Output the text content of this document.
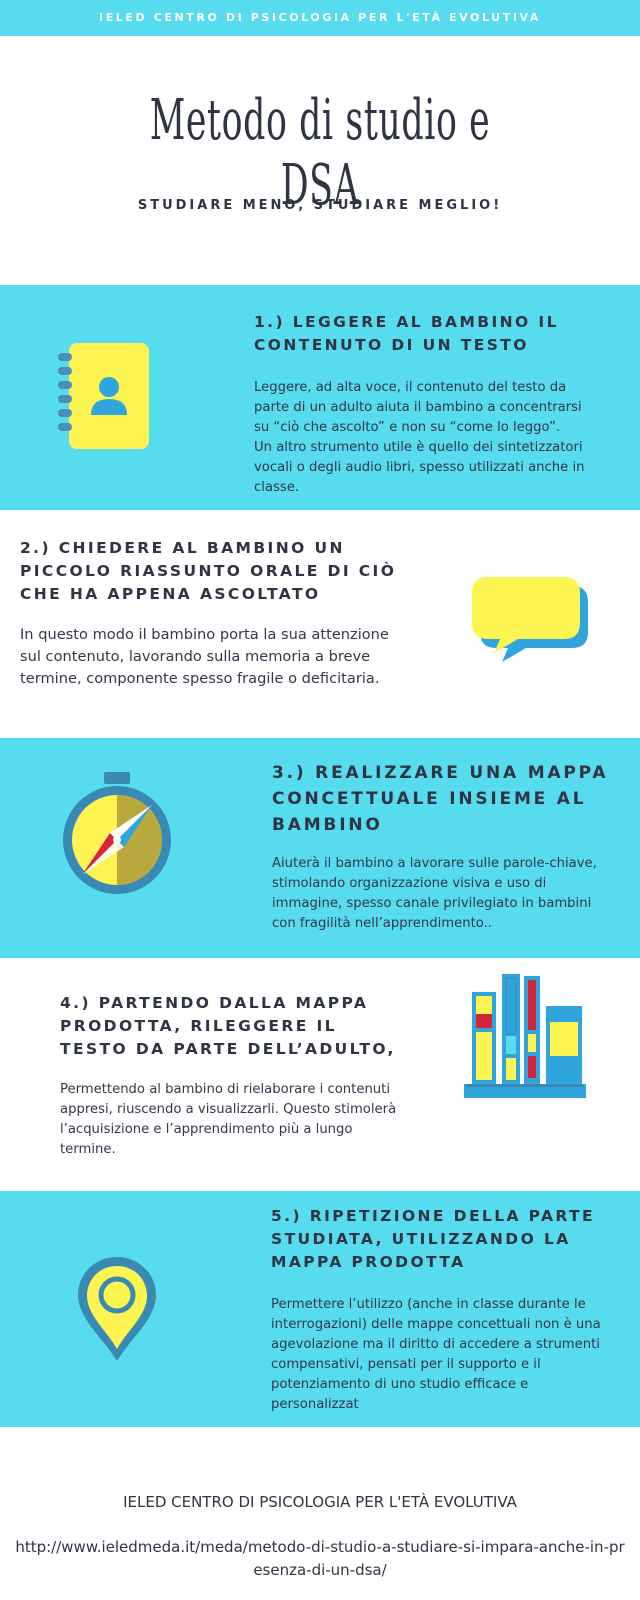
IELED CENTRO DI PSICOLOGIA PER L'ETÀ EVOLUTIVA
Metodo di studio e DSA
STUDIARE MENO, STUDIARE MEGLIO!
1.) LEGGERE AL BAMBINO IL CONTENUTO DI UN TESTO
Leggere, ad alta voce, il contenuto del testo da parte di un adulto aiuta il bambino a concentrarsi su “ciò che ascolto” e non su “come lo leggo”.
Un altro strumento utile è quello dei sintetizzatori vocali o degli audio libri, spesso utilizzati anche in classe.
2.) CHIEDERE AL BAMBINO UN PICCOLO RIASSUNTO ORALE DI CIÒ CHE HA APPENA ASCOLTATO
In questo modo il bambino porta la sua attenzione sul contenuto, lavorando sulla memoria a breve termine, componente spesso fragile o deficitaria.
3.) REALIZZARE UNA MAPPA CONCETTUALE INSIEME AL BAMBINO
Aiuterà il bambino a lavorare sulle parole-chiave, stimolando organizzazione visiva e uso di immagine, spesso canale privilegiato in bambini con fragilità nell’apprendimento..
4.) PARTENDO DALLA MAPPA PRODOTTA, RILEGGERE IL TESTO DA PARTE DELL’ADULTO,
Permettendo al bambino di rielaborare i contenuti appresi, riuscendo a visualizzarli. Questo stimolerà l’acquisizione e l’apprendimento più a lungo termine.
5.) RIPETIZIONE DELLA PARTE STUDIATA, UTILIZZANDO LA MAPPA PRODOTTA
Permettere l’utilizzo (anche in classe durante le interrogazioni) delle mappe concettuali non è una agevolazione ma il diritto di accedere a strumenti compensativi, pensati per il supporto e il potenziamento di uno studio efficace e personalizzat
IELED CENTRO DI PSICOLOGIA PER L'ETÀ EVOLUTIVA
http://www.ieledmeda.it/meda/metodo-di-studio-a-studiare-si-impara-anche-in-presenza-di-un-dsa/
